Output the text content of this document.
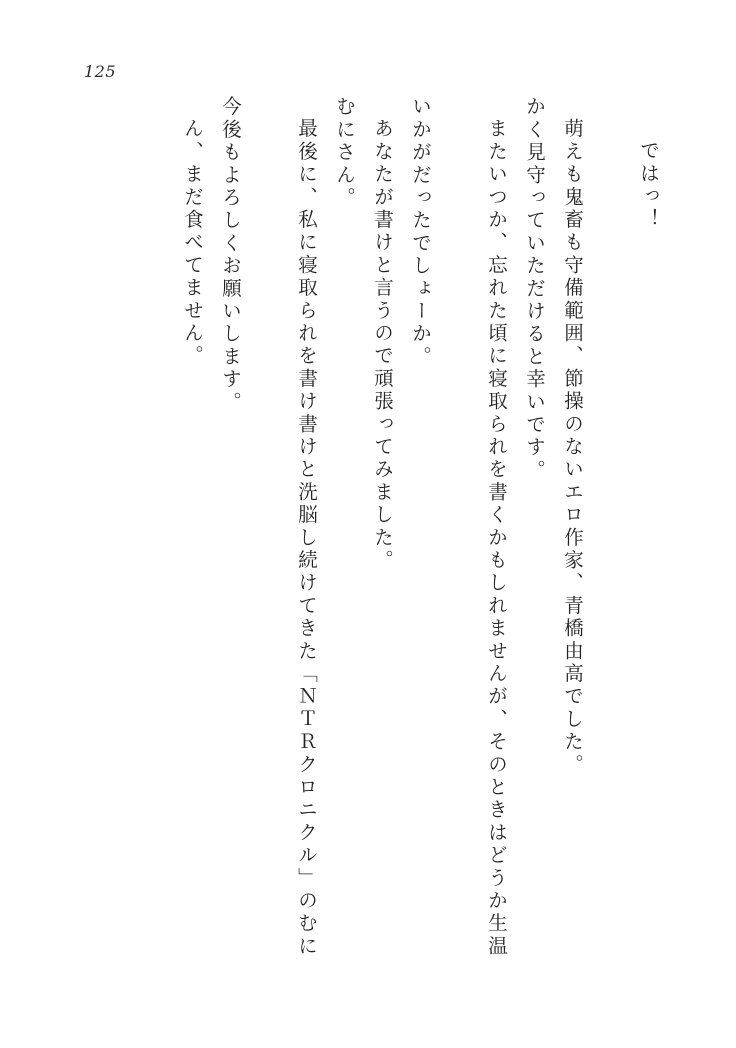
125
ん、まだ食べてません。 今後もよろしくお願いします。	最後に、私に寝取られを書け書けと洗脳し続けてきた「ＮＴＲクロニクル」のむに むにさん。 あなたが書けと言うので頑張ってみました。 いかがだったでしょーか。	またいつか、忘れた頃に寝取られを書くかもしれませんが、そのときはどうか生温 かく見守っていただけると幸いです。 萌えも鬼畜も守備範囲、節操のないエロ作家、青橋由高でした。	ではっ！
